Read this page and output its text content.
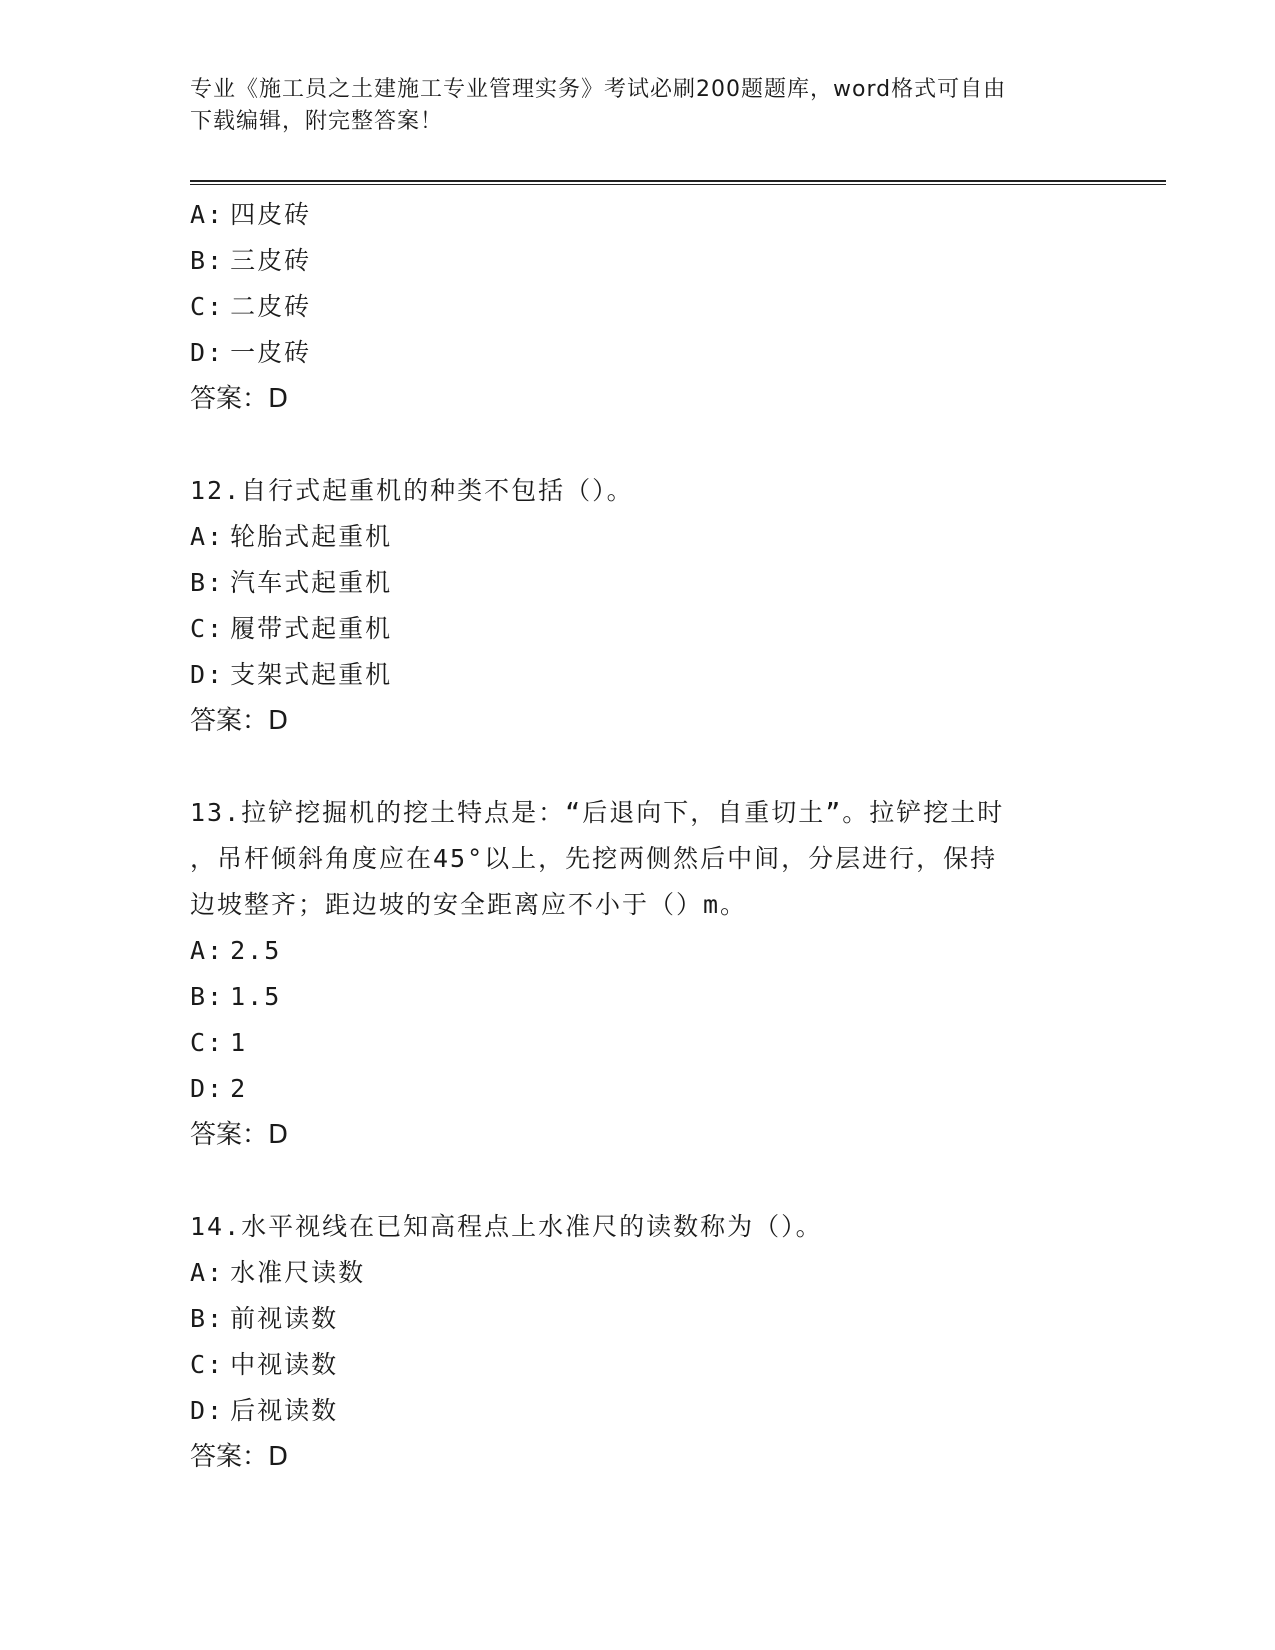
专业《施工员之土建施工专业管理实务》考试必刷200题题库，word格式可自由
下载编辑，附完整答案！
A: 四皮砖
B: 三皮砖
C: 二皮砖
D: 一皮砖
答案：D
12.自行式起重机的种类不包括（）。
A: 轮胎式起重机
B: 汽车式起重机
C: 履带式起重机
D: 支架式起重机
答案：D
13.拉铲挖掘机的挖土特点是：“后退向下，自重切土”。拉铲挖土时
，吊杆倾斜角度应在45°以上，先挖两侧然后中间，分层进行，保持
边坡整齐；距边坡的安全距离应不小于（）m。
A: 2.5
B: 1.5
C: 1
D: 2
答案：D
14.水平视线在已知高程点上水准尺的读数称为（）。
A: 水准尺读数
B: 前视读数
C: 中视读数
D: 后视读数
答案：D
